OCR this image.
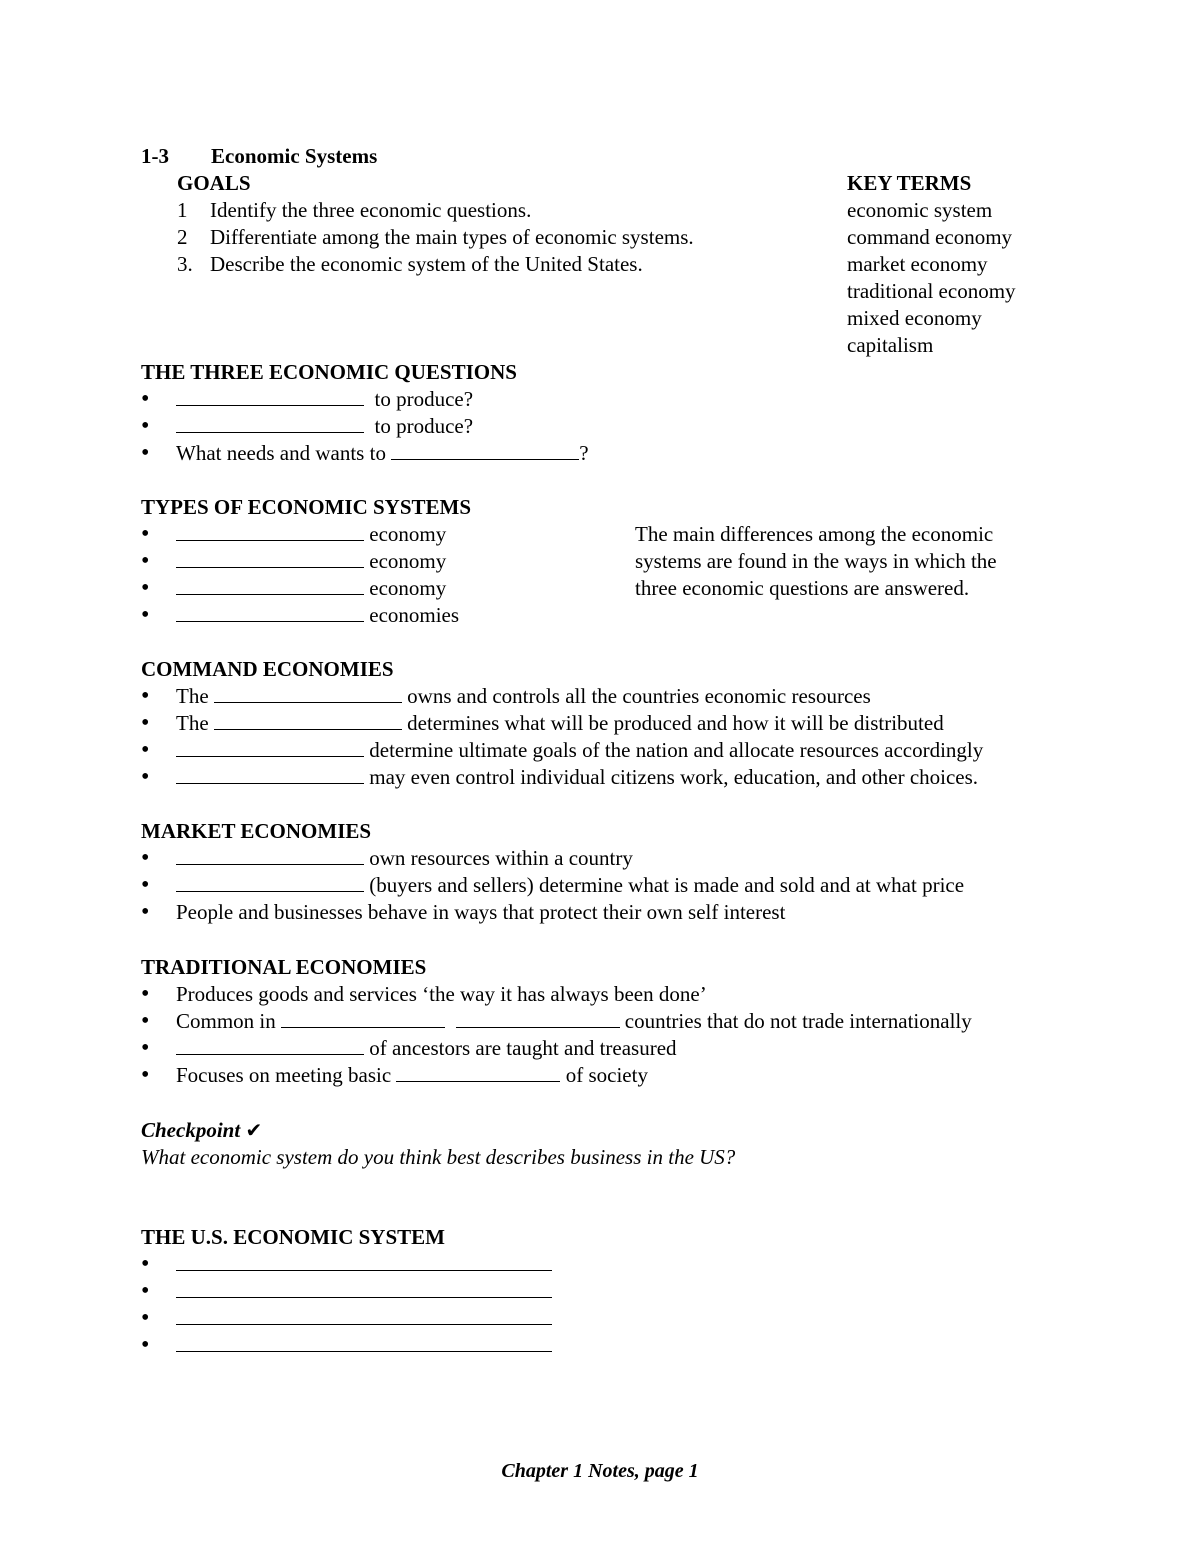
1-3 Economic Systems
GOALS
1 Identify the three economic questions.
2 Differentiate among the main types of economic systems.
3. Describe the economic system of the United States.
KEY TERMS
economic system
command economy
market economy
traditional economy
mixed economy
capitalism
THE THREE ECONOMIC QUESTIONS
• to produce?
• to produce?
• What needs and wants to	?
TYPES OF ECONOMIC SYSTEMS
• economy
• economy
• economy
• economies
The main differences among the economic
systems are found in the ways in which the
three economic questions are answered.
COMMAND ECONOMIES
• The	owns and controls all the countries economic resources
• The	determines what will be produced and how it will be distributed
• determine ultimate goals of the nation and allocate resources accordingly
• may even control individual citizens work, education, and other choices.
MARKET ECONOMIES
• own resources within a country
• (buyers and sellers) determine what is made and sold and at what price
• People and businesses behave in ways that protect their own self interest
TRADITIONAL ECONOMIES
• Produces goods and services ‘the way it has always been done’
• Common in	countries that do not trade internationally
• of ancestors are taught and treasured
• Focuses on meeting basic	of society
Checkpoint ✔
What economic system do you think best describes business in the US?
THE U.S. ECONOMIC SYSTEM
•
•
•
•
Chapter 1 Notes, page 1
